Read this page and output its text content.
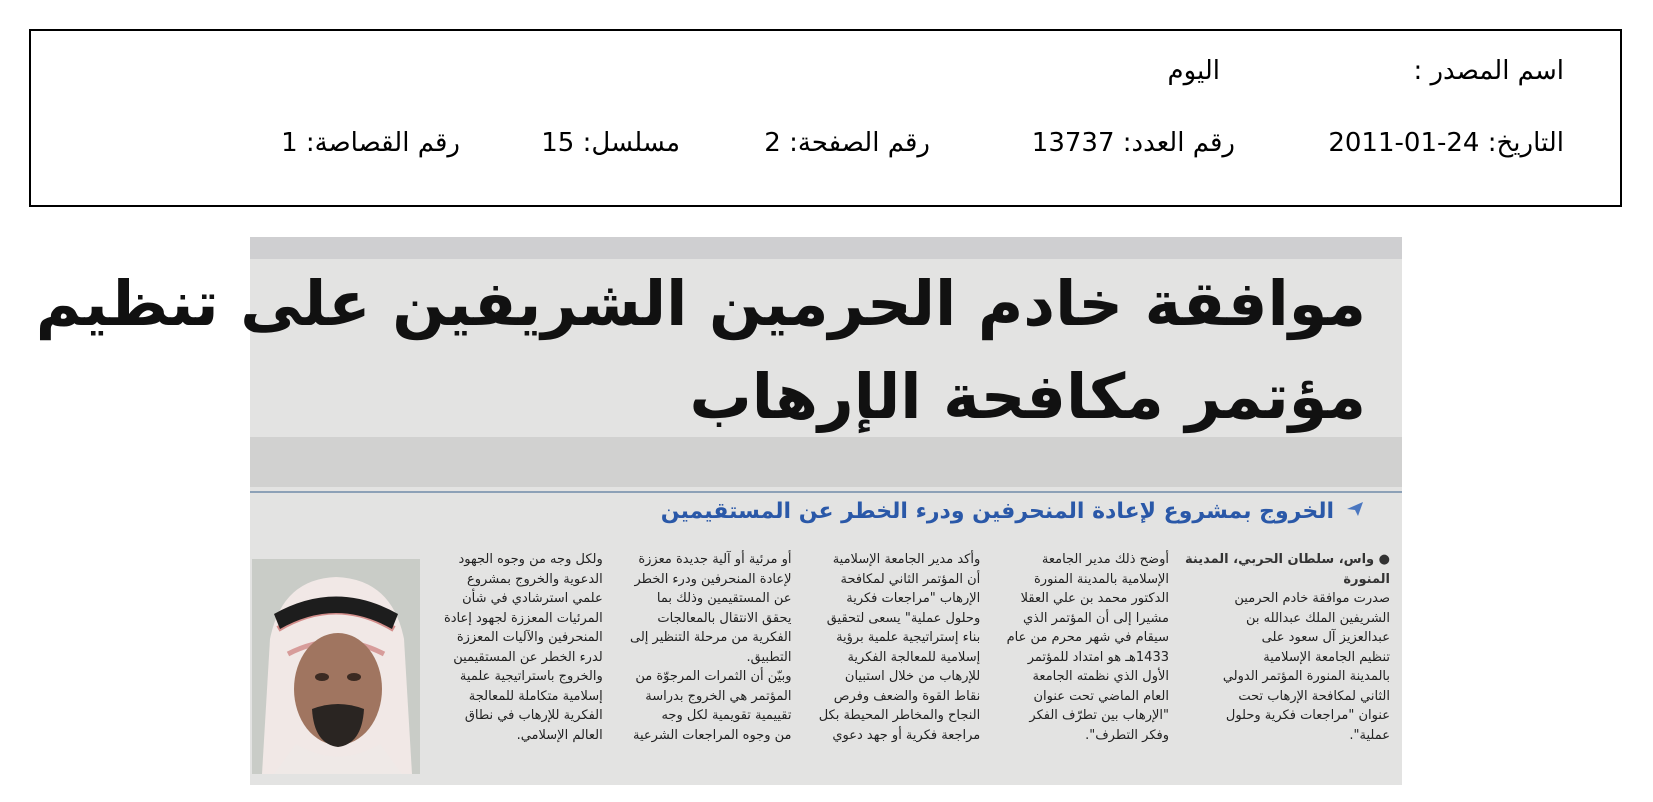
اسم المصدر :
اليوم
التاريخ: 24-01-2011
رقم العدد: 13737
رقم الصفحة: 2
مسلسل: 15
رقم القصاصة: 1
موافقة خادم الحرمين الشريفين على تنظيم
مؤتمر مكافحة الإرهاب
الخروج بمشروع لإعادة المنحرفين ودرء الخطر عن المستقيمين
● واس، سلطان الحربي، المدينة
المنورة
صدرت موافقة خادم الحرمين
الشريفين الملك عبدالله بن
عبدالعزيز آل سعود على
تنظيم الجامعة الإسلامية
بالمدينة المنورة المؤتمر الدولي
الثاني لمكافحة الإرهاب تحت
عنوان "مراجعات فكرية وحلول
عملية".
أوضح ذلك مدير الجامعة
الإسلامية بالمدينة المنورة
الدكتور محمد بن علي العقلا
مشيرا إلى أن المؤتمر الذي
سيقام في شهر محرم من عام
1433هـ هو امتداد للمؤتمر
الأول الذي نظمته الجامعة
العام الماضي تحت عنوان
"الإرهاب بين تطرّف الفكر
وفكر التطرف".
وأكد مدير الجامعة الإسلامية
أن المؤتمر الثاني لمكافحة
الإرهاب "مراجعات فكرية
وحلول عملية" يسعى لتحقيق
بناء إستراتيجية علمية برؤية
إسلامية للمعالجة الفكرية
للإرهاب من خلال استبيان
نقاط القوة والضعف وفرص
النجاح والمخاطر المحيطة بكل
مراجعة فكرية أو جهد دعوي
أو مرئية أو آلية جديدة معززة
لإعادة المنحرفين ودرء الخطر
عن المستقيمين وذلك بما
يحقق الانتقال بالمعالجات
الفكرية من مرحلة التنظير إلى
التطبيق.
وبيّن أن الثمرات المرجوّة من
المؤتمر هي الخروج بدراسة
تقييمية تقويمية لكل وجه
من وجوه المراجعات الشرعية
ولكل وجه من وجوه الجهود
الدعوية والخروج بمشروع
علمي استرشادي في شأن
المرئيات المعززة لجهود إعادة
المنحرفين والآليات المعززة
لدرء الخطر عن المستقيمين
والخروج باستراتيجية علمية
إسلامية متكاملة للمعالجة
الفكرية للإرهاب في نطاق
العالم الإسلامي.
